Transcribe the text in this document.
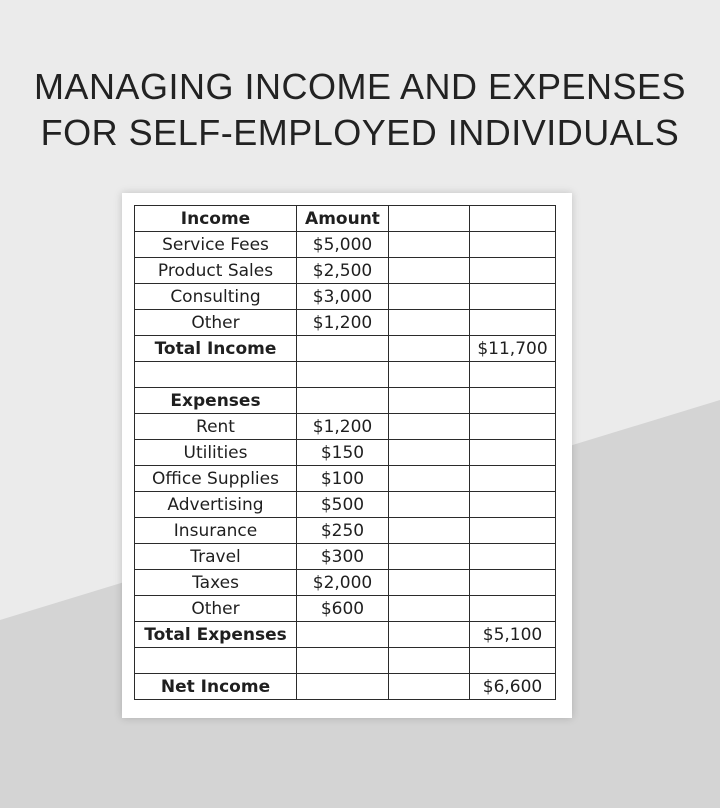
MANAGING INCOME AND EXPENSES
FOR SELF-EMPLOYED INDIVIDUALS
Income	Amount		
Service Fees	$5,000		
Product Sales	$2,500		
Consulting	$3,000		
Other	$1,200		
Total Income			$11,700

Expenses			
Rent	$1,200		
Utilities	$150		
Office Supplies	$100		
Advertising	$500		
Insurance	$250		
Travel	$300		
Taxes	$2,000		
Other	$600		
Total Expenses			$5,100

Net Income			$6,600
